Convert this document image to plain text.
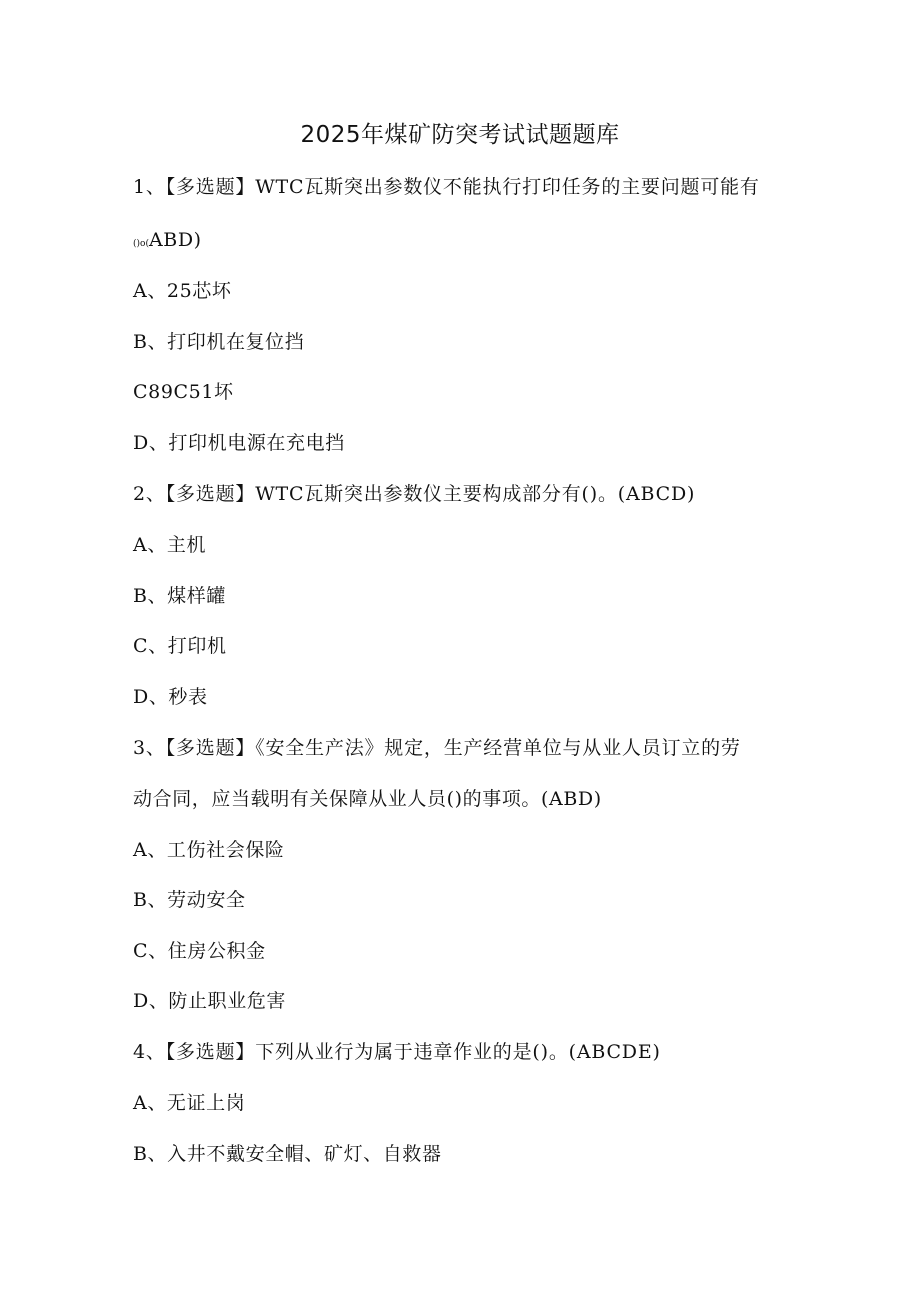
2025年煤矿防突考试试题题库
1、【多选题】WTC瓦斯突出参数仪不能执行打印任务的主要问题可能有
()o(ABD)
A、25芯坏
B、打印机在复位挡
C89C51坏
D、打印机电源在充电挡
2、【多选题】WTC瓦斯突出参数仪主要构成部分有()。(ABCD)
A、主机
B、煤样罐
C、打印机
D、秒表
3、【多选题】《安全生产法》规定，生产经营单位与从业人员订立的劳
动合同，应当载明有关保障从业人员()的事项。(ABD)
A、工伤社会保险
B、劳动安全
C、住房公积金
D、防止职业危害
4、【多选题】下列从业行为属于违章作业的是()。(ABCDE)
A、无证上岗
B、入井不戴安全帽、矿灯、自救器
